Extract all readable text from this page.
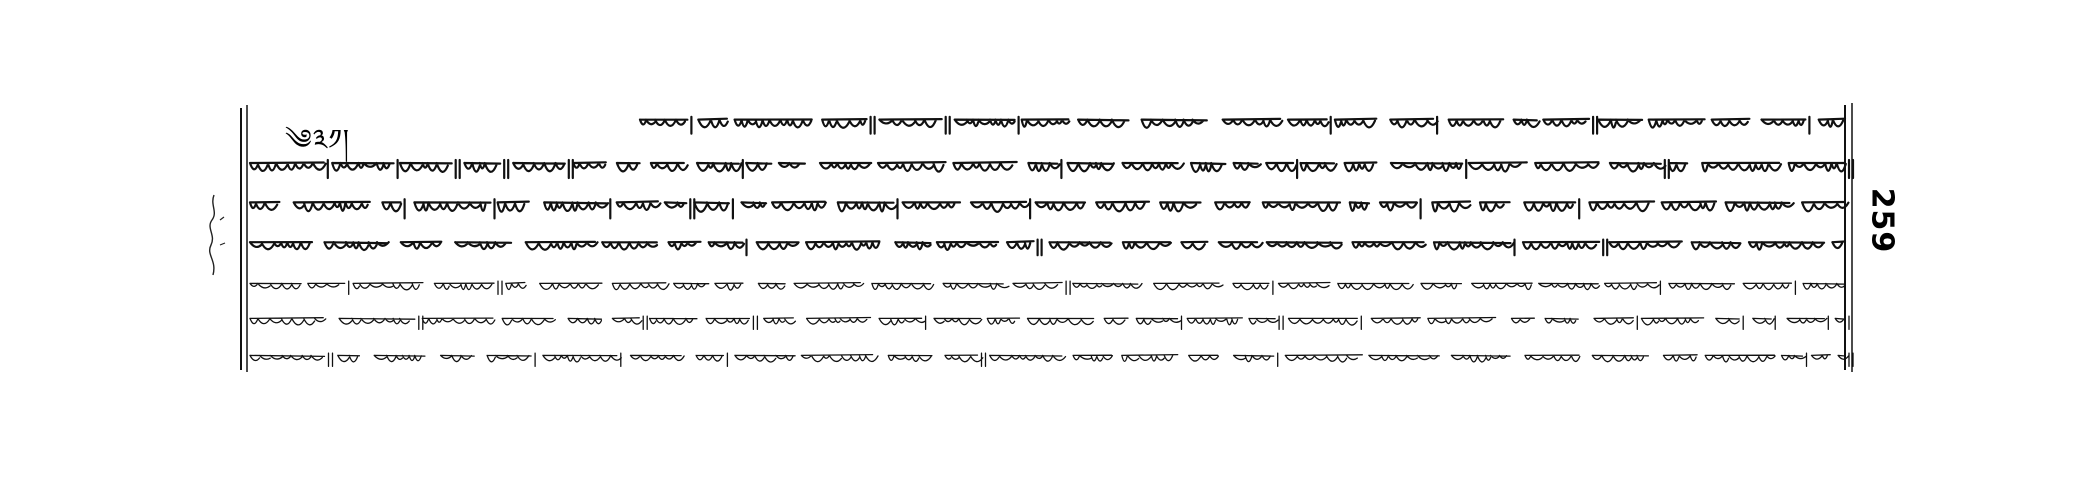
༄༣༡།
259
